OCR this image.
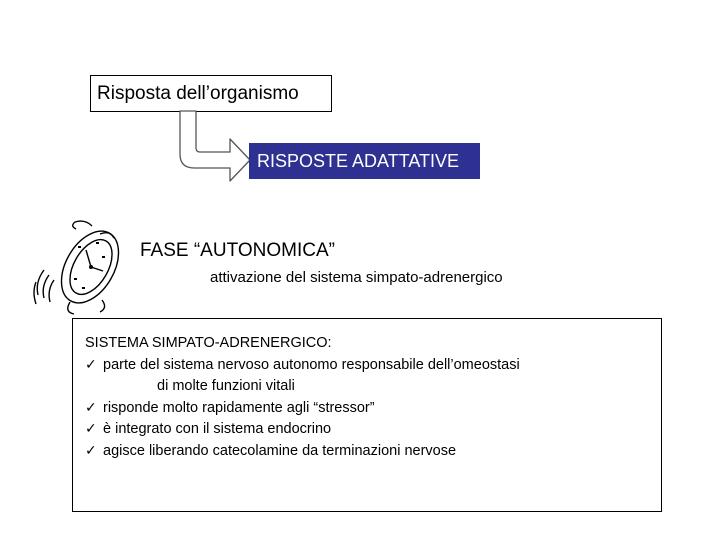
Risposta dell’organismo
RISPOSTE ADATTATIVE
FASE “AUTONOMICA”
attivazione del sistema simpato-adrenergico
SISTEMA SIMPATO-ADRENERGICO:
✓ parte del sistema nervoso autonomo responsabile dell’omeostasi
di molte funzioni vitali
✓ risponde molto rapidamente agli “stressor”
✓ è integrato con il sistema endocrino
✓ agisce liberando catecolamine da terminazioni nervose
